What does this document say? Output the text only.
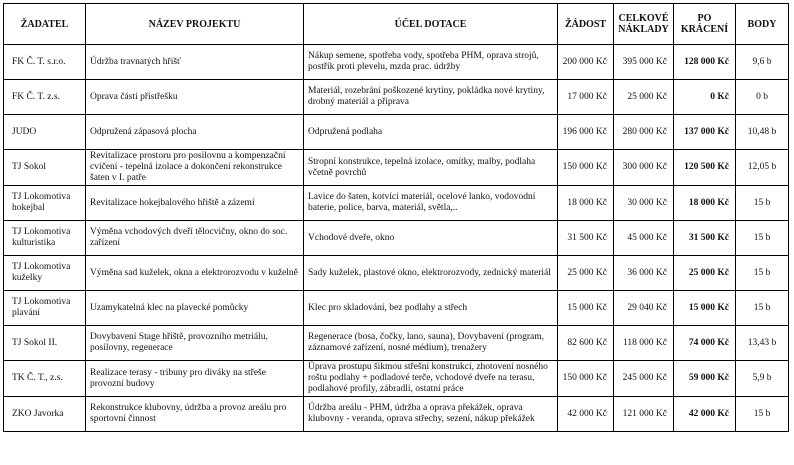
ŽADATEL	NÁZEV PROJEKTU	ÚČEL DOTACE	ŽÁDOST	CELKOVÉ NÁKLADY	PO KRÁCENÍ	BODY
FK Č. T. s.r.o.	Údržba travnatých hřišť	Nákup semene, spotřeba vody, spotřeba PHM, oprava strojů, postřik proti plevelu, mzda prac. údržby	200 000 Kč	395 000 Kč	128 000 Kč	9,6 b
FK Č. T. z.s.	Oprava části přístřešku	Materiál, rozebrání poškozené krytiny, pokládka nové krytiny, drobný materiál a příprava	17 000 Kč	25 000 Kč	0 Kč	0 b
JUDO	Odpružená zápasová plocha	Odpružená podlaha	196 000 Kč	280 000 Kč	137 000 Kč	10,48 b
TJ Sokol	Revitalizace prostoru pro posilovnu a kompenzační cvičení - tepelná izolace a dokončení rekonstrukce šaten v I. patře	Stropní konstrukce, tepelná izolace, omítky, malby, podlaha včetně povrchů	150 000 Kč	300 000 Kč	120 500 Kč	12,05 b
TJ Lokomotiva hokejbal	Revitalizace hokejbalového hřiště a zázemí	Lavice do šaten, kotvící materiál, ocelové lanko, vodovodní baterie, police, barva, materiál, světla,..	18 000 Kč	30 000 Kč	18 000 Kč	15 b
TJ Lokomotiva kulturistika	Výměna vchodových dveří tělocvičny, okno do soc. zařízení	Vchodové dveře, okno	31 500 Kč	45 000 Kč	31 500 Kč	15 b
TJ Lokomotiva kuželky	Výměna sad kuželek, okna a elektrorozvodu v kuželně	Sady kuželek, plastové okno, elektrorozvody, zednický materiál	25 000 Kč	36 000 Kč	25 000 Kč	15 b
TJ Lokomotiva plavání	Uzamykatelná klec na plavecké pomůcky	Klec pro skladování, bez podlahy a střech	15 000 Kč	29 040 Kč	15 000 Kč	15 b
TJ Sokol II.	Dovybavení Stage hřiště, provozního metriálu, posilovny, regenerace	Regenerace (bosa, čočky, lano, sauna), Dovybavení (program, záznamové zařízení, nosné médium), trenažery	82 600 Kč	118 000 Kč	74 000 Kč	13,43 b
TK Č. T., z.s.	Realizace terasy - tribuny pro diváky na střeše provozní budovy	Úprava prostupu šikmou střešní konstrukcí, zhotovení nosného roštu podlahy + podladové terče, vchodové dveře na terasu, podlahové profily, zábradlí, ostatní práce	150 000 Kč	245 000 Kč	59 000 Kč	5,9 b
ZKO Javorka	Rekonstrukce klubovny, údržba a provoz areálu pro sportovní činnost	Údržba areálu - PHM, údržba a oprava překážek, oprava klubovny - veranda, oprava střechy, sezení, nákup překážek	42 000 Kč	121 000 Kč	42 000 Kč	15 b
